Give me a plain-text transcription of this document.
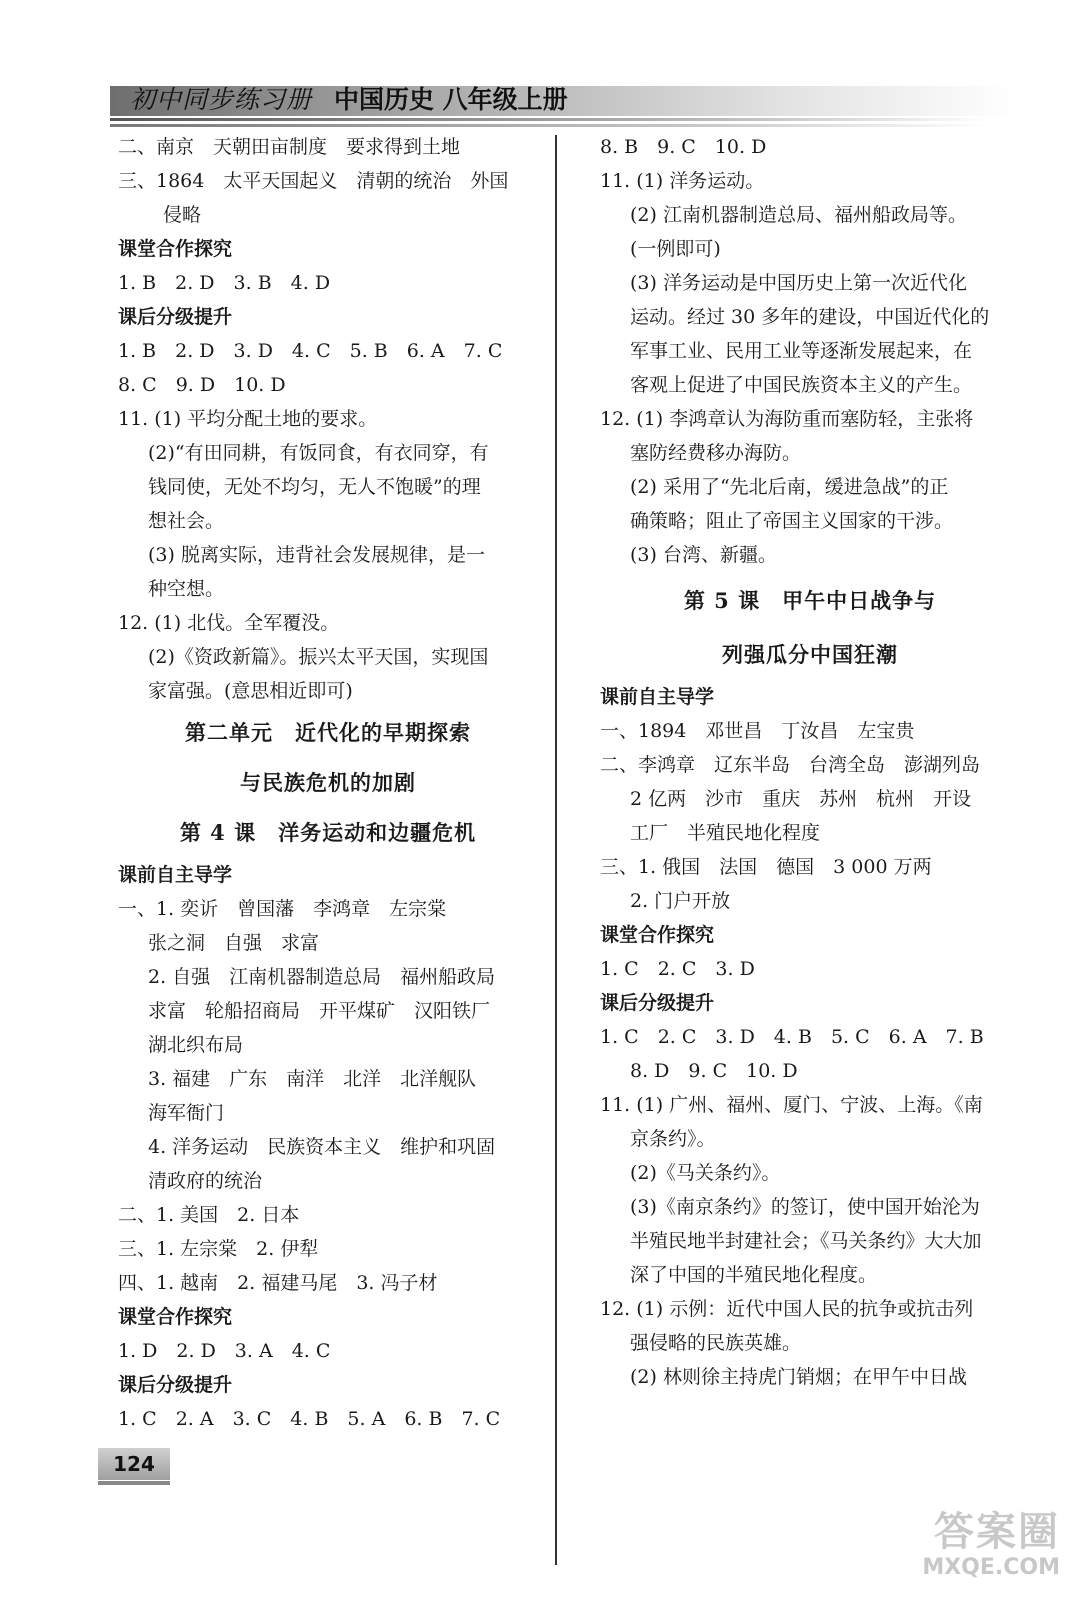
初中同步练习册 中国历史 八年级上册
二、南京　天朝田亩制度　要求得到土地
三、1864　太平天国起义　清朝的统治　外国
侵略
课堂合作探究
1. B　2. D　3. B　4. D
课后分级提升
1. B　2. D　3. D　4. C　5. B　6. A　7. C
8. C　9. D　10. D
11. (1) 平均分配土地的要求。
(2)“有田同耕，有饭同食，有衣同穿，有
钱同使，无处不均匀，无人不饱暖”的理
想社会。
(3) 脱离实际，违背社会发展规律，是一
种空想。
12. (1) 北伐。全军覆没。
(2)《资政新篇》。振兴太平天国，实现国
家富强。(意思相近即可)
第二单元　近代化的早期探索
与民族危机的加剧
第 4 课　洋务运动和边疆危机
课前自主导学
一、1. 奕䜣　曾国藩　李鸿章　左宗棠
张之洞　自强　求富
2. 自强　江南机器制造总局　福州船政局
求富　轮船招商局　开平煤矿　汉阳铁厂
湖北织布局
3. 福建　广东　南洋　北洋　北洋舰队
海军衙门
4. 洋务运动　民族资本主义　维护和巩固
清政府的统治
二、1. 美国　2. 日本
三、1. 左宗棠　2. 伊犁
四、1. 越南　2. 福建马尾　3. 冯子材
课堂合作探究
1. D　2. D　3. A　4. C
课后分级提升
1. C　2. A　3. C　4. B　5. A　6. B　7. C
8. B　9. C　10. D
11. (1) 洋务运动。
(2) 江南机器制造总局、福州船政局等。
(一例即可)
(3) 洋务运动是中国历史上第一次近代化
运动。经过 30 多年的建设，中国近代化的
军事工业、民用工业等逐渐发展起来，在
客观上促进了中国民族资本主义的产生。
12. (1) 李鸿章认为海防重而塞防轻，主张将
塞防经费移办海防。
(2) 采用了“先北后南，缓进急战”的正
确策略；阻止了帝国主义国家的干涉。
(3) 台湾、新疆。
第 5 课　甲午中日战争与
列强瓜分中国狂潮
课前自主导学
一、1894　邓世昌　丁汝昌　左宝贵
二、李鸿章　辽东半岛　台湾全岛　澎湖列岛
2 亿两　沙市　重庆　苏州　杭州　开设
工厂　半殖民地化程度
三、1. 俄国　法国　德国　3 000 万两
2. 门户开放
课堂合作探究
1. C　2. C　3. D
课后分级提升
1. C　2. C　3. D　4. B　5. C　6. A　7. B
8. D　9. C　10. D
11. (1) 广州、福州、厦门、宁波、上海。《南
京条约》。
(2)《马关条约》。
(3)《南京条约》的签订，使中国开始沦为
半殖民地半封建社会；《马关条约》大大加
深了中国的半殖民地化程度。
12. (1) 示例：近代中国人民的抗争或抗击列
强侵略的民族英雄。
(2) 林则徐主持虎门销烟；在甲午中日战
124
答案圈
MXQE.COM
